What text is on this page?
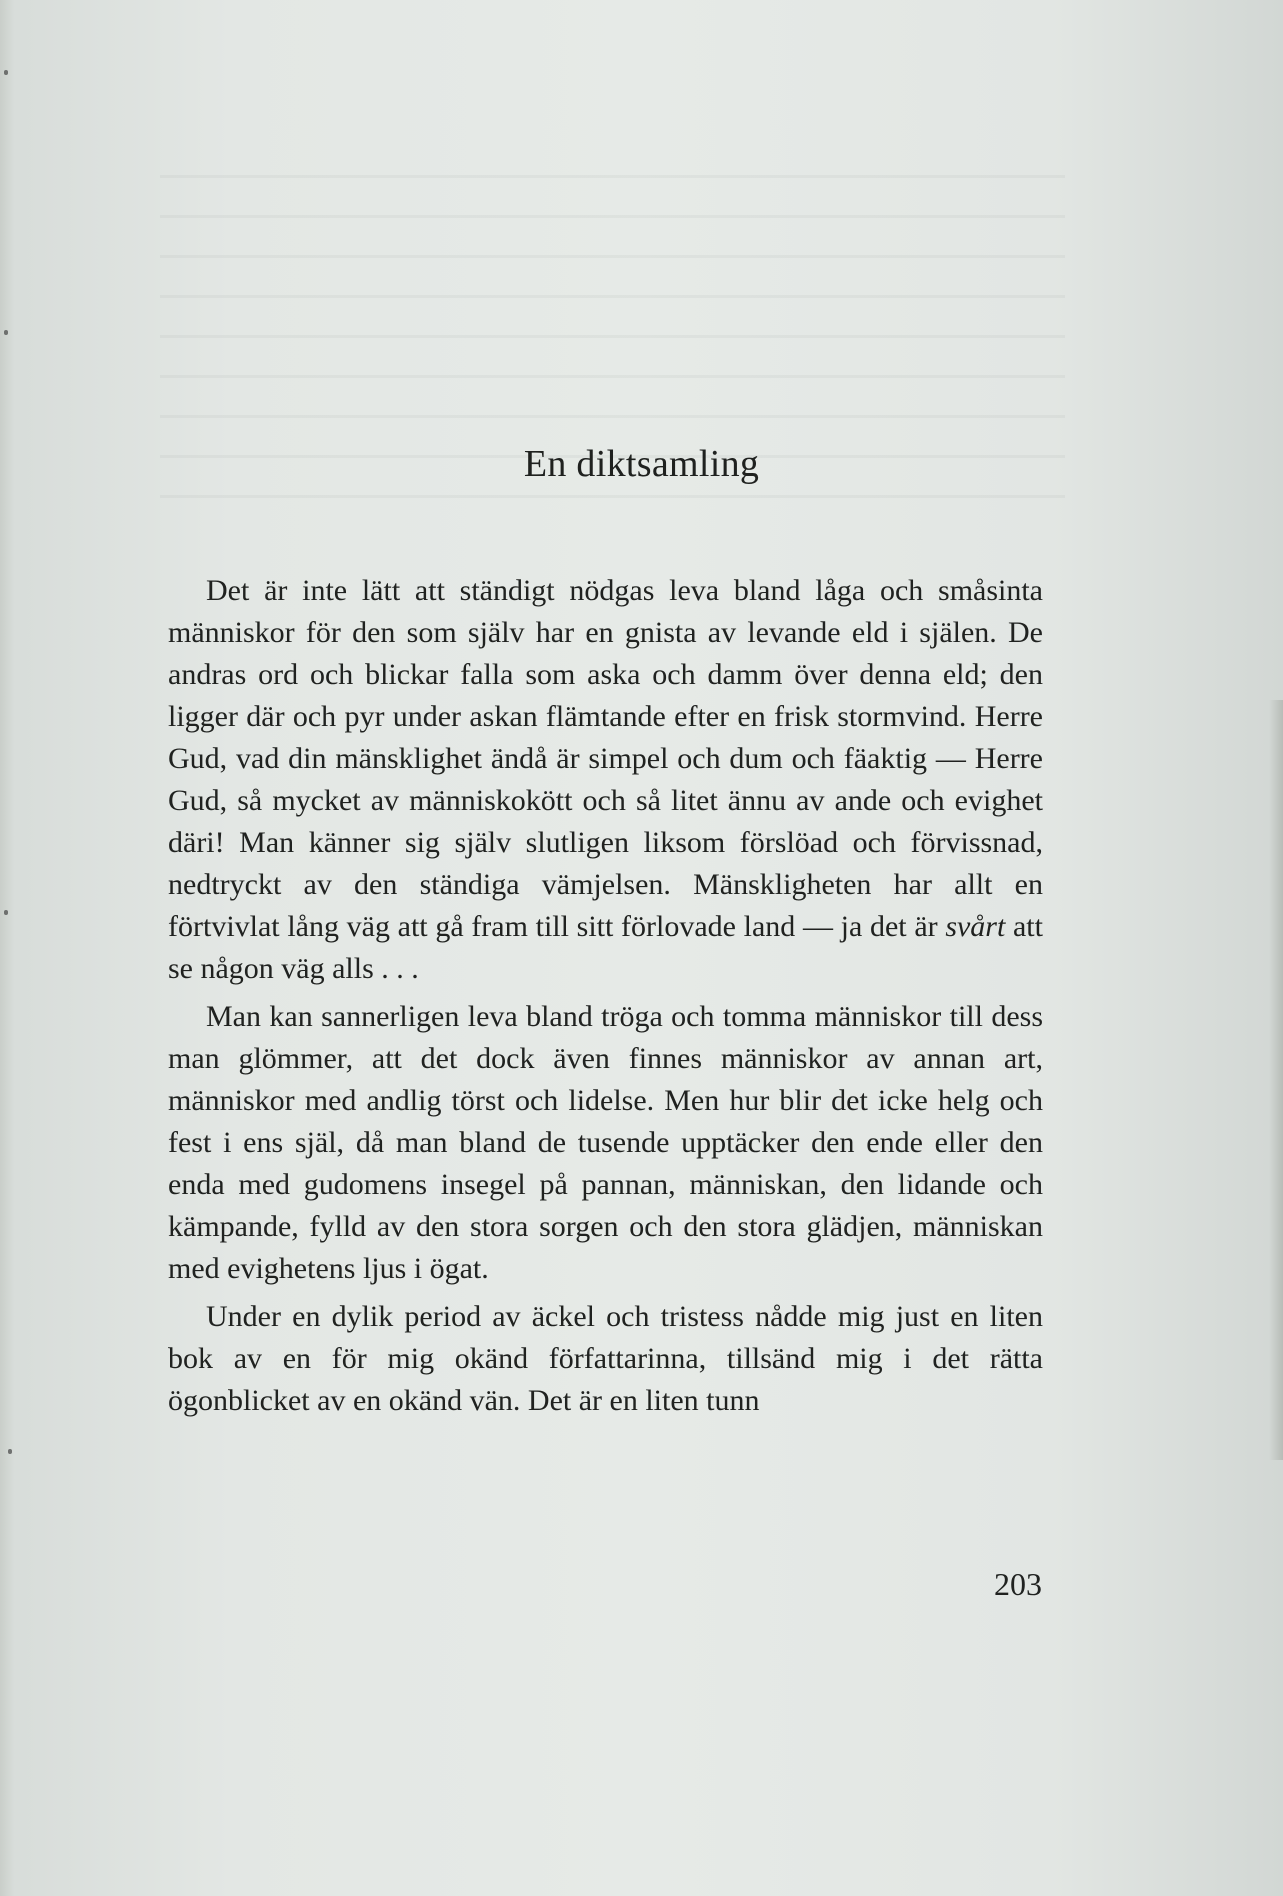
En diktsamling

Det är inte lätt att ständigt nödgas leva bland låga och småsinta människor för den som själv har en gnista av levande eld i själen. De andras ord och blickar falla som aska och damm över denna eld; den ligger där och pyr under askan flämtande efter en frisk stormvind. Herre Gud, vad din mänsklighet ändå är simpel och dum och fäaktig — Herre Gud, så mycket av människokött och så litet ännu av ande och evighet däri! Man känner sig själv slutligen liksom förslöad och förvissnad, nedtryckt av den ständiga vämjelsen. Mänskligheten har allt en förtvivlat lång väg att gå fram till sitt förlovade land — ja det är svårt att se någon väg alls . . .

Man kan sannerligen leva bland tröga och tomma människor till dess man glömmer, att det dock även finnes människor av annan art, människor med andlig törst och lidelse. Men hur blir det icke helg och fest i ens själ, då man bland de tusende upptäcker den ende eller den enda med gudomens insegel på pannan, människan, den lidande och kämpande, fylld av den stora sorgen och den stora glädjen, människan med evighetens ljus i ögat.

Under en dylik period av äckel och tristess nådde mig just en liten bok av en för mig okänd författarinna, tillsänd mig i det rätta ögonblicket av en okänd vän. Det är en liten tunn

203
